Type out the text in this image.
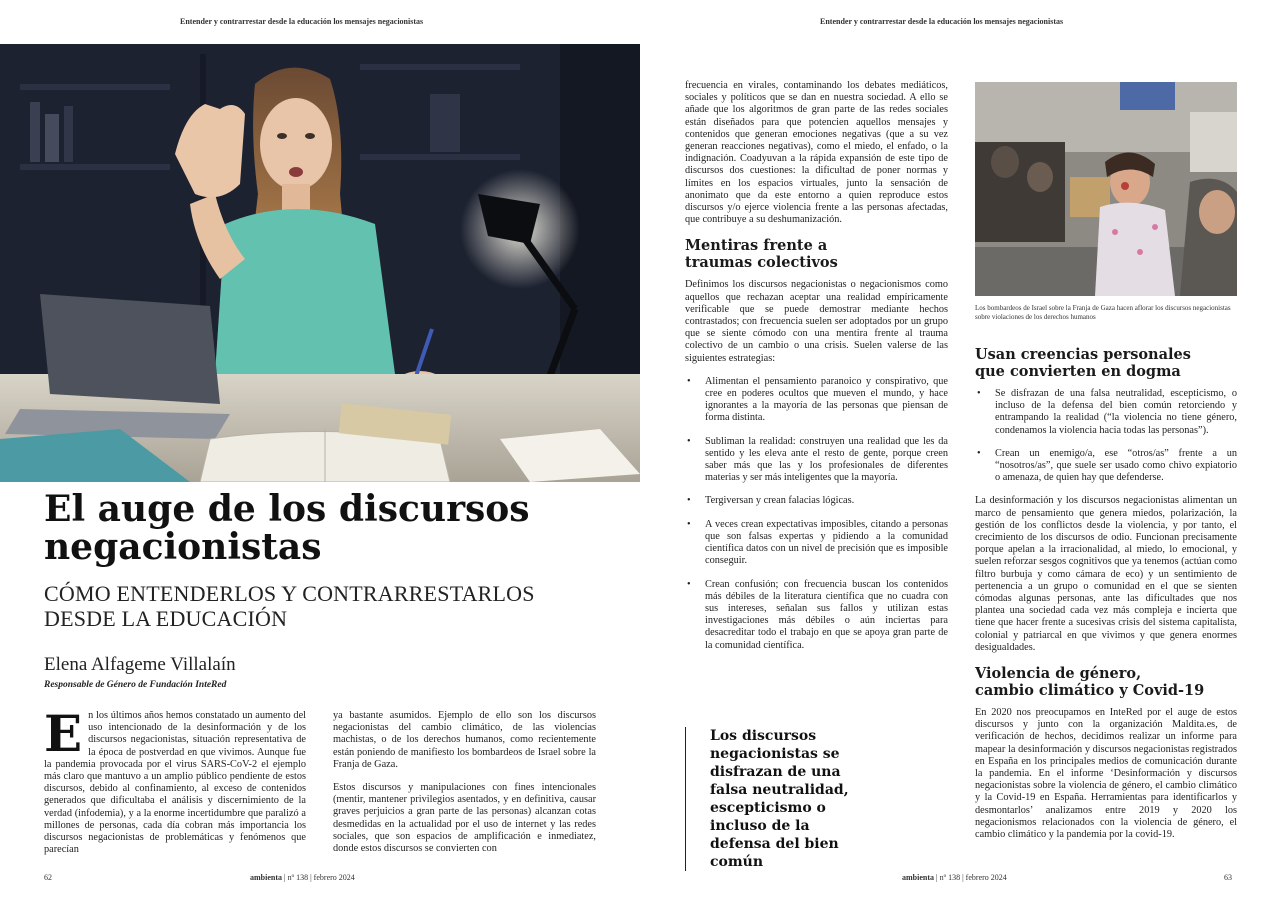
Entender y contrarrestar desde la educación los mensajes negacionistas
El auge de los discursos
negacionistas
CÓMO ENTENDERLOS Y CONTRARRESTARLOS
DESDE LA EDUCACIÓN
Elena Alfageme Villalaín
Responsable de Género de Fundación InteRed

En los últimos años hemos constatado un aumento del uso intencionado de la desinformación y de los discursos negacionistas, situación representativa de la época de postverdad en que vivimos. Aunque fue la pandemia provocada por el virus SARS-CoV-2 el ejemplo más claro que mantuvo a un amplio público pendiente de estos discursos, debido al confinamiento, al exceso de contenidos generados que dificultaba el análisis y discernimiento de la verdad (infodemia), y a la enorme incertidumbre que paralizó a millones de personas, cada día cobran más importancia los discursos negacionistas de problemáticas y fenómenos que parecían

ya bastante asumidos. Ejemplo de ello son los discursos negacionistas del cambio climático, de las violencias machistas, o de los derechos humanos, como recientemente están poniendo de manifiesto los bombardeos de Israel sobre la Franja de Gaza.

Estos discursos y manipulaciones con fines intencionales (mentir, mantener privilegios asentados, y en definitiva, causar graves perjuicios a gran parte de las personas) alcanzan cotas desmedidas en la actualidad por el uso de internet y las redes sociales, que son espacios de amplificación e inmediatez, donde estos discursos se convierten con

62	ambienta | nº 138 | febrero 2024
Entender y contrarrestar desde la educación los mensajes negacionistas

frecuencia en virales, contaminando los debates mediáticos, sociales y políticos que se dan en nuestra sociedad. A ello se añade que los algoritmos de gran parte de las redes sociales están diseñados para que potencien aquellos mensajes y contenidos que generan emociones negativas (que a su vez generan reacciones negativas), como el miedo, el enfado, o la indignación. Coadyuvan a la rápida expansión de este tipo de discursos dos cuestiones: la dificultad de poner normas y límites en los espacios virtuales, junto la sensación de anonimato que da este entorno a quien reproduce estos discursos y/o ejerce violencia frente a las personas afectadas, que contribuye a su deshumanización.

Mentiras frente a
traumas colectivos

Definimos los discursos negacionistas o negacionismos como aquellos que rechazan aceptar una realidad empíricamente verificable que se puede demostrar mediante hechos contrastados; con frecuencia suelen ser adoptados por un grupo que se siente cómodo con una mentira frente al trauma colectivo de un cambio o una crisis. Suelen valerse de las siguientes estrategias:

• Alimentan el pensamiento paranoico y conspirativo, que cree en poderes ocultos que mueven el mundo, y hace ignorantes a la mayoría de las personas que piensan de forma distinta.
• Subliman la realidad: construyen una realidad que les da sentido y les eleva ante el resto de gente, porque creen saber más que las y los profesionales de diferentes materias y ser más inteligentes que la mayoría.
• Tergiversan y crean falacias lógicas.
• A veces crean expectativas imposibles, citando a personas que son falsas expertas y pidiendo a la comunidad científica datos con un nivel de precisión que es imposible conseguir.
• Crean confusión; con frecuencia buscan los contenidos más débiles de la literatura científica que no cuadra con sus intereses, señalan sus fallos y utilizan estas investigaciones más débiles o aún inciertas para desacreditar todo el trabajo en que se apoya gran parte de la comunidad científica.
Los discursos negacionistas se disfrazan de una falsa neutralidad, escepticismo o incluso de la defensa del bien común
Los bombardeos de Israel sobre la Franja de Gaza hacen aflorar los discursos negacionistas sobre violaciones de los derechos humanos
Usan creencias personales
que convierten en dogma
• Se disfrazan de una falsa neutralidad, escepticismo, o incluso de la defensa del bien común retorciendo y entrampando la realidad (“la violencia no tiene género, condenamos la violencia hacia todas las personas”).
• Crean un enemigo/a, ese “otros/as” frente a un “nosotros/as”, que suele ser usado como chivo expiatorio o amenaza, de quien hay que defenderse.

La desinformación y los discursos negacionistas alimentan un marco de pensamiento que genera miedos, polarización, la gestión de los conflictos desde la violencia, y por tanto, el crecimiento de los discursos de odio. Funcionan precisamente porque apelan a la irracionalidad, al miedo, lo emocional, y suelen reforzar sesgos cognitivos que ya tenemos (actúan como filtro burbuja y como cámara de eco) y un sentimiento de pertenencia a un grupo o comunidad en el que se sienten cómodas algunas personas, ante las dificultades que nos plantea una sociedad cada vez más compleja e incierta que tiene que hacer frente a sucesivas crisis del sistema capitalista, colonial y patriarcal en que vivimos y que genera enormes desigualdades.

Violencia de género,
cambio climático y Covid-19

En 2020 nos preocupamos en InteRed por el auge de estos discursos y junto con la organización Maldita.es, de verificación de hechos, decidimos realizar un informe para mapear la desinformación y discursos negacionistas registrados en España en los principales medios de comunicación durante la pandemia. En el informe ‘Desinformación y discursos negacionistas sobre la violencia de género, el cambio climático y la Covid-19 en España. Herramientas para identificarlos y desmontarlos’ analizamos entre 2019 y 2020 los negacionismos relacionados con la violencia de género, el cambio climático y la pandemia por la covid-19.

ambienta | nº 138 | febrero 2024	63
